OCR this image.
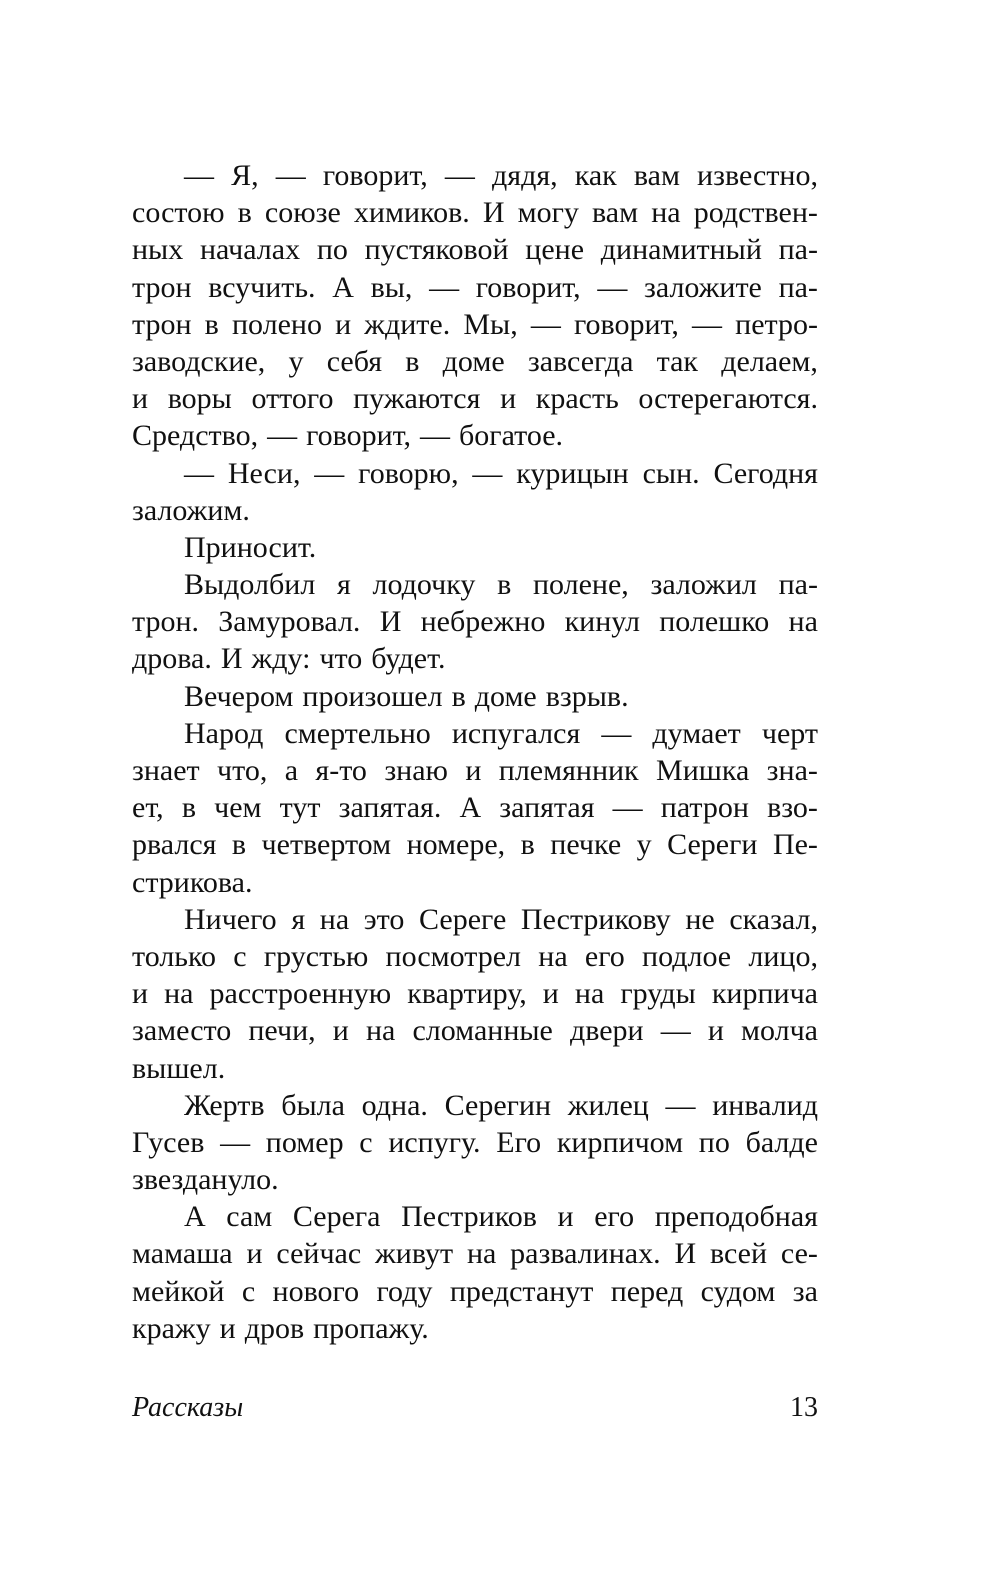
— Я, — говорит, — дядя, как вам известно,
состою в союзе химиков. И могу вам на родствен-
ных началах по пустяковой цене динамитный па-
трон всучить. А вы, — говорит, — заложите па-
трон в полено и ждите. Мы, — говорит, — петро-
заводские, у себя в доме завсегда так делаем,
и воры оттого пужаются и красть остерегаются.
Средство, — говорит, — богатое.
— Неси, — говорю, — курицын сын. Сегодня
заложим.
Приносит.
Выдолбил я лодочку в полене, заложил па-
трон. Замуровал. И небрежно кинул полешко на
дрова. И жду: что будет.
Вечером произошел в доме взрыв.
Народ смертельно испугался — думает черт
знает что, а я-то знаю и племянник Мишка зна-
ет, в чем тут запятая. А запятая — патрон взо-
рвался в четвертом номере, в печке у Сереги Пе-
стрикова.
Ничего я на это Сереге Пестрикову не сказал,
только с грустью посмотрел на его подлое лицо,
и на расстроенную квартиру, и на груды кирпича
заместо печи, и на сломанные двери — и молча
вышел.
Жертв была одна. Серегин жилец — инвалид
Гусев — помер с испугу. Его кирпичом по балде
звездануло.
А сам Серега Пестриков и его преподобная
мамаша и сейчас живут на развалинах. И всей се-
мейкой с нового году предстанут перед судом за
кражу и дров пропажу.
Рассказы	13
